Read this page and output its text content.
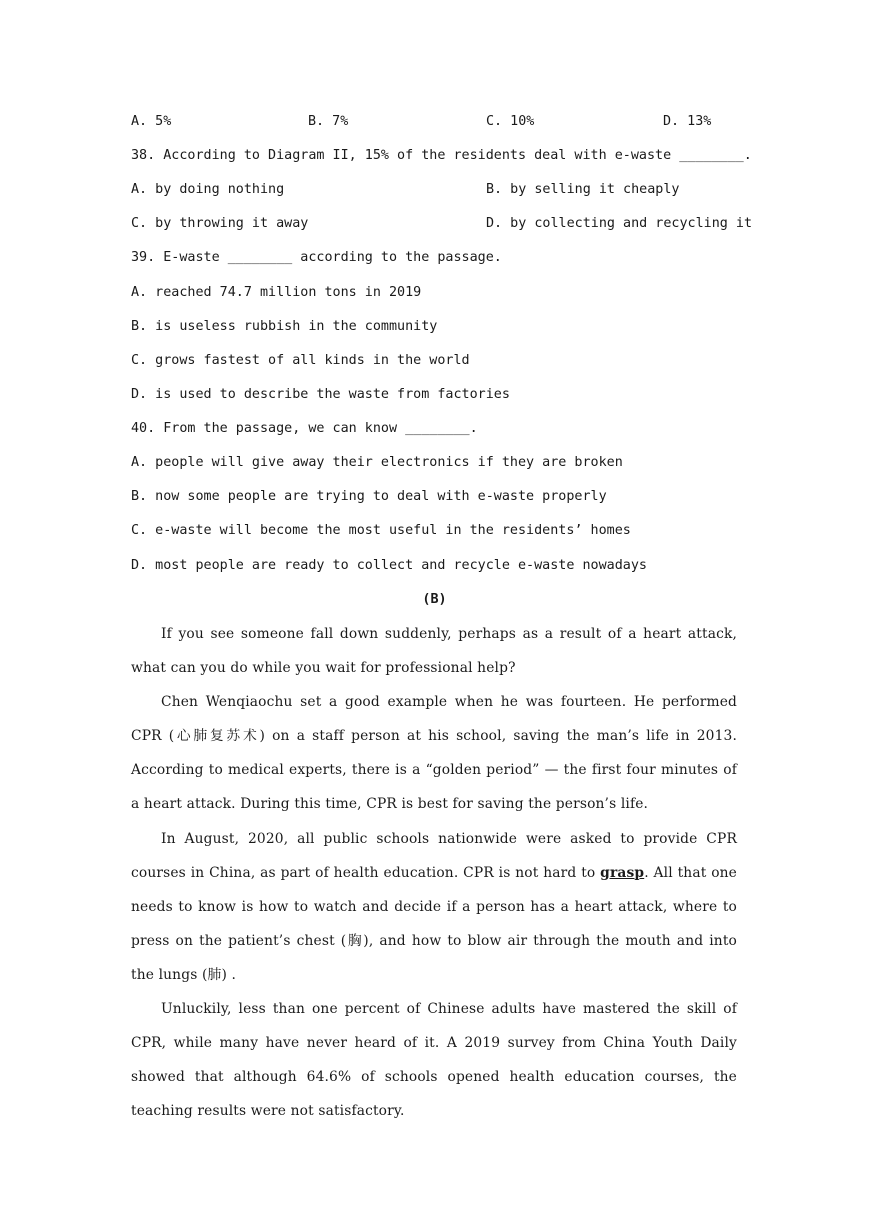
A. 5%	B. 7%	C. 10%	D. 13%
38. According to Diagram II, 15% of the residents deal with e-waste ________.
A. by doing nothing	B. by selling it cheaply
C. by throwing it away	D. by collecting and recycling it
39. E-waste ________ according to the passage.
A. reached 74.7 million tons in 2019
B. is useless rubbish in the community
C. grows fastest of all kinds in the world
D. is used to describe the waste from factories
40. From the passage, we can know ________.
A. people will give away their electronics if they are broken
B. now some people are trying to deal with e-waste properly
C. e-waste will become the most useful in the residents’ homes
D. most people are ready to collect and recycle e-waste nowadays
(B)
If you see someone fall down suddenly, perhaps as a result of a heart attack, what can you do while you wait for professional help?
Chen Wenqiaochu set a good example when he was fourteen. He performed CPR (心肺复苏术) on a staff person at his school, saving the man’s life in 2013. According to medical experts, there is a “golden period” — the first four minutes of a heart attack. During this time, CPR is best for saving the person’s life.
In August, 2020, all public schools nationwide were asked to provide CPR courses in China, as part of health education. CPR is not hard to grasp. All that one needs to know is how to watch and decide if a person has a heart attack, where to press on the patient’s chest (胸), and how to blow air through the mouth and into the lungs (肺) .
Unluckily, less than one percent of Chinese adults have mastered the skill of CPR, while many have never heard of it. A 2019 survey from China Youth Daily showed that although 64.6% of schools opened health education courses, the teaching results were not satisfactory.
